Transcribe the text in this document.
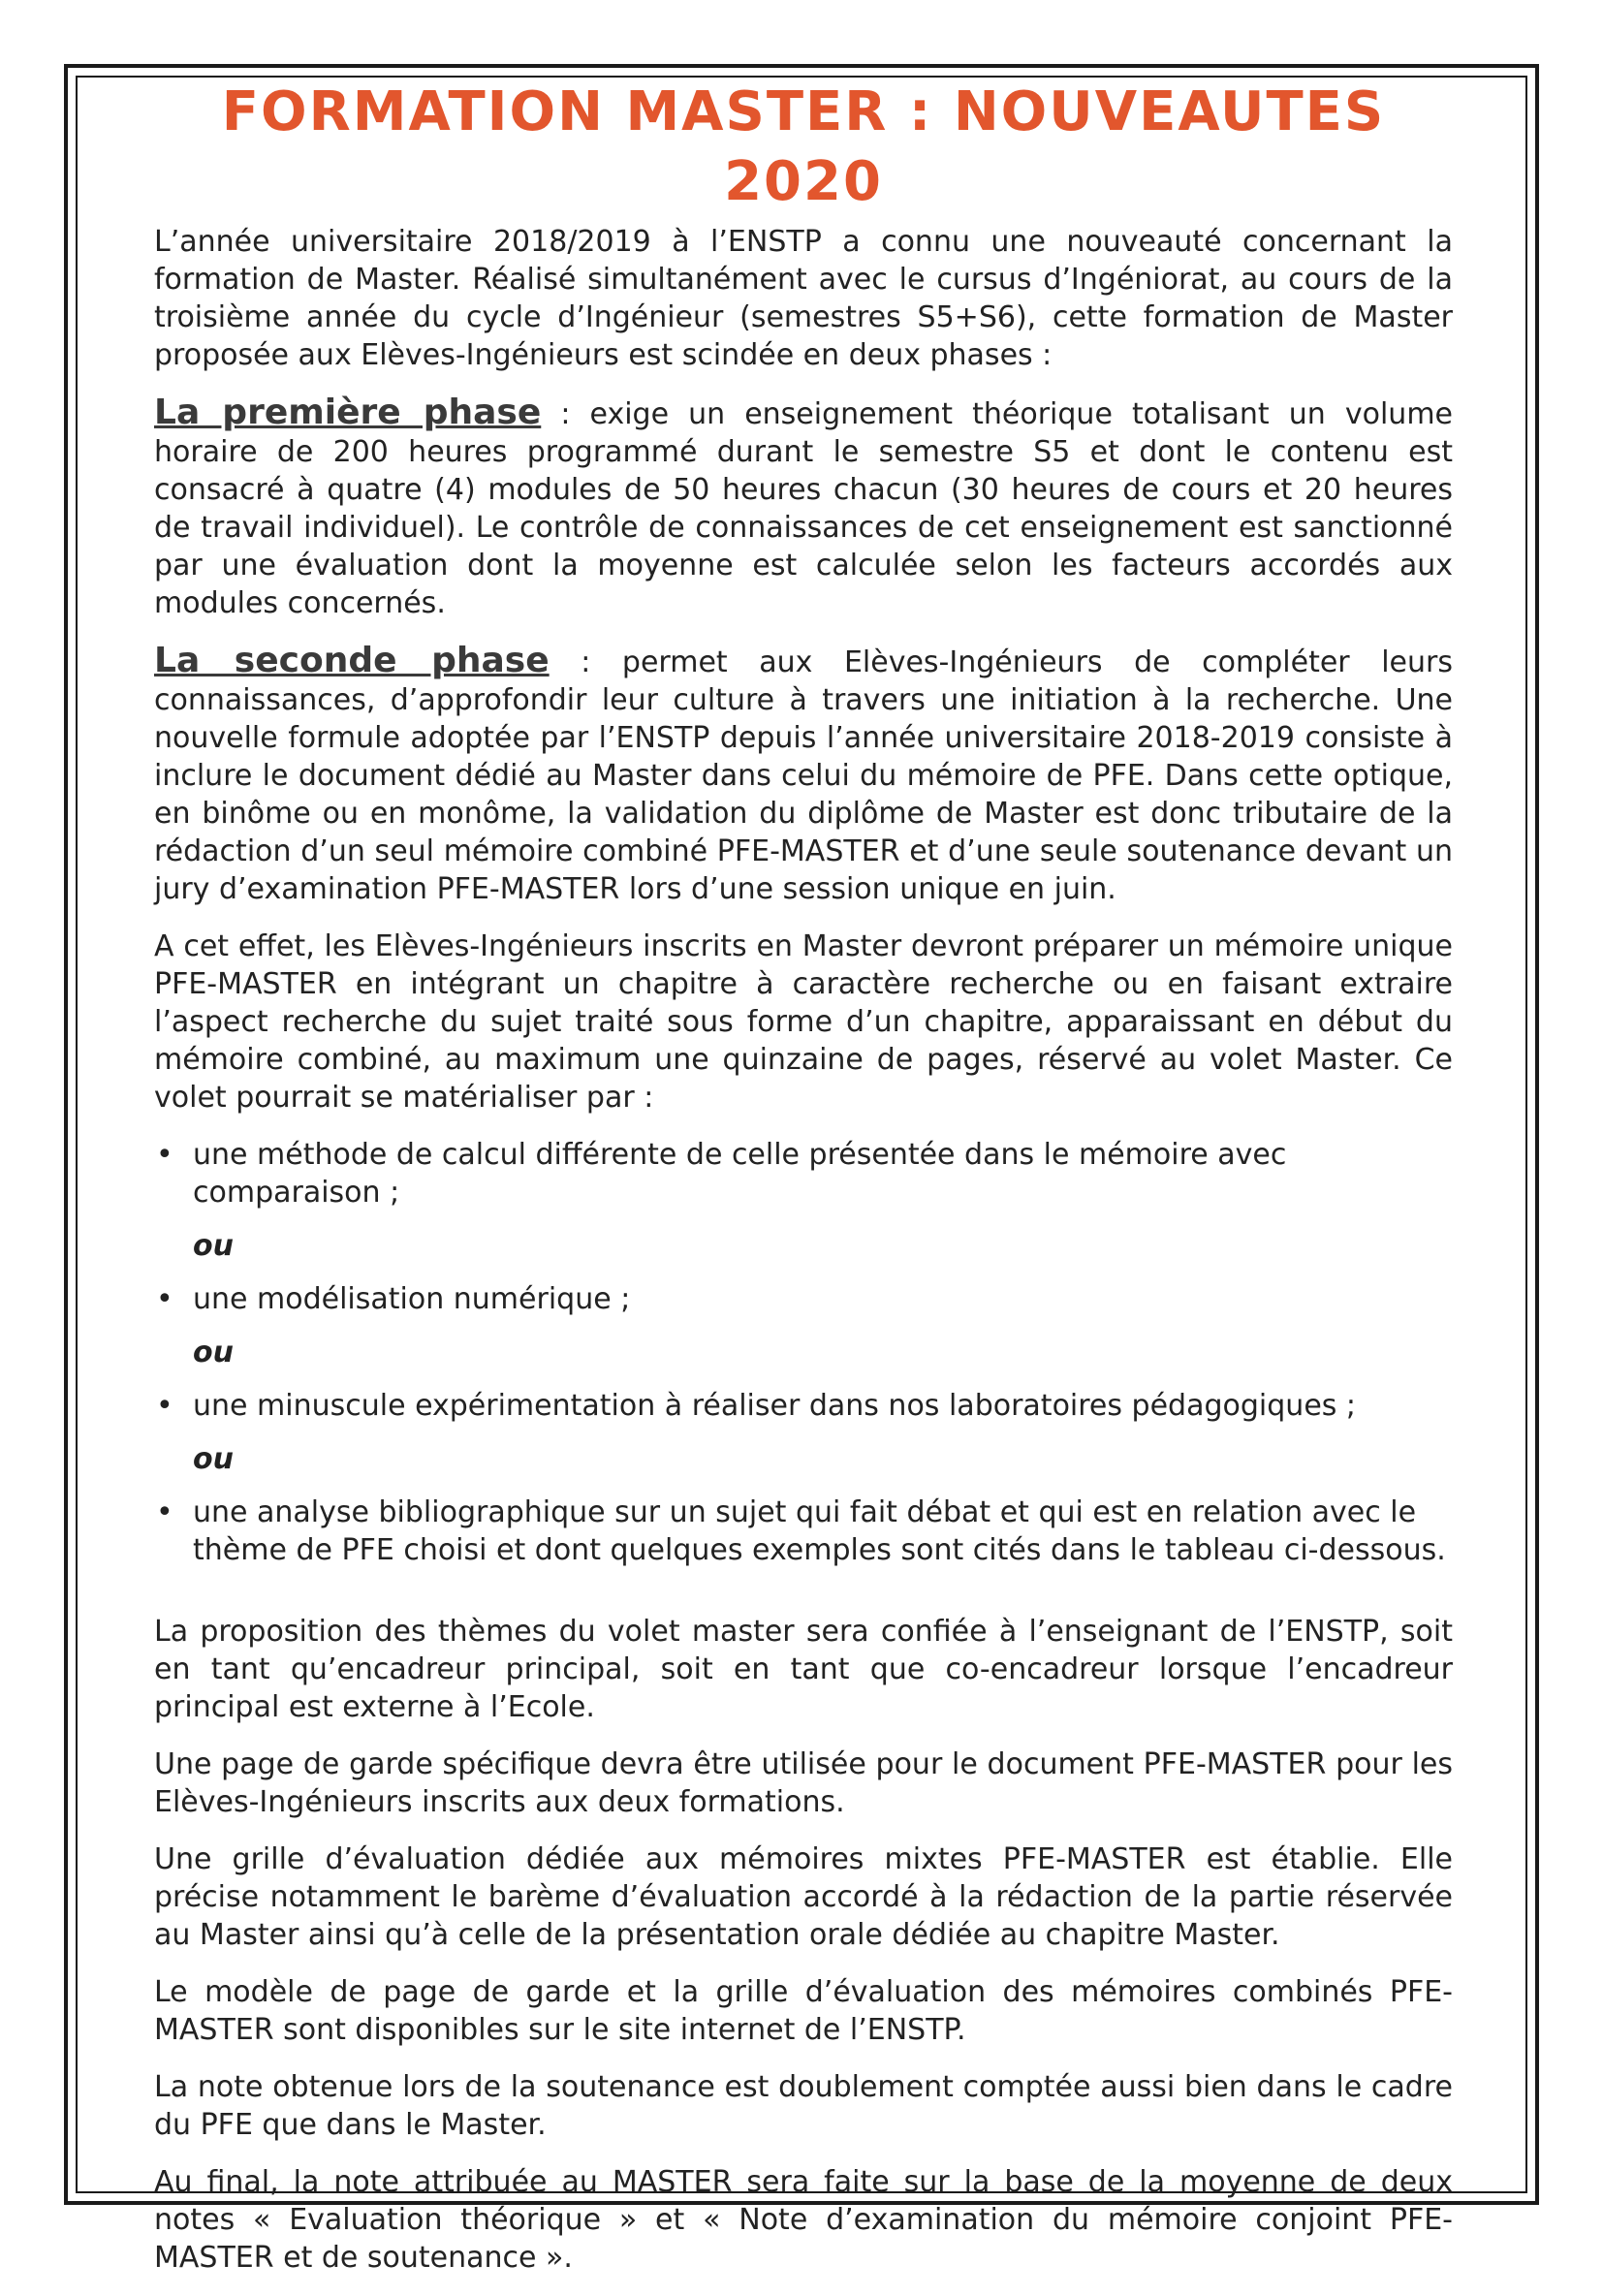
FORMATION MASTER : NOUVEAUTES 2020

L’année universitaire 2018/2019 à l’ENSTP a connu une nouveauté concernant la formation de Master. Réalisé simultanément avec le cursus d’Ingéniorat, au cours de la troisième année du cycle d’Ingénieur (semestres S5+S6), cette formation de Master proposée aux Elèves-Ingénieurs est scindée en deux phases :

La première phase : exige un enseignement théorique totalisant un volume horaire de 200 heures programmé durant le semestre S5 et dont le contenu est consacré à quatre (4) modules de 50 heures chacun (30 heures de cours et 20 heures de travail individuel). Le contrôle de connaissances de cet enseignement est sanctionné par une évaluation dont la moyenne est calculée selon les facteurs accordés aux modules concernés.

La seconde phase : permet aux Elèves-Ingénieurs de compléter leurs connaissances, d’approfondir leur culture à travers une initiation à la recherche. Une nouvelle formule adoptée par l’ENSTP depuis l’année universitaire 2018-2019 consiste à inclure le document dédié au Master dans celui du mémoire de PFE. Dans cette optique, en binôme ou en monôme, la validation du diplôme de Master est donc tributaire de la rédaction d’un seul mémoire combiné PFE-MASTER et d’une seule soutenance devant un jury d’examination PFE-MASTER lors d’une session unique en juin.

A cet effet, les Elèves-Ingénieurs inscrits en Master devront préparer un mémoire unique PFE-MASTER en intégrant un chapitre à caractère recherche ou en faisant extraire l’aspect recherche du sujet traité sous forme d’un chapitre, apparaissant en début du mémoire combiné, au maximum une quinzaine de pages, réservé au volet Master. Ce volet pourrait se matérialiser par :

• une méthode de calcul différente de celle présentée dans le mémoire avec comparaison ;
ou
• une modélisation numérique ;
ou
• une minuscule expérimentation à réaliser dans nos laboratoires pédagogiques ;
ou
• une analyse bibliographique sur un sujet qui fait débat et qui est en relation avec le thème de PFE choisi et dont quelques exemples sont cités dans le tableau ci-dessous.

La proposition des thèmes du volet master sera confiée à l’enseignant de l’ENSTP, soit en tant qu’encadreur principal, soit en tant que co-encadreur lorsque l’encadreur principal est externe à l’Ecole.

Une page de garde spécifique devra être utilisée pour le document PFE-MASTER pour les Elèves-Ingénieurs inscrits aux deux formations.

Une grille d’évaluation dédiée aux mémoires mixtes PFE-MASTER est établie. Elle précise notamment le barème d’évaluation accordé à la rédaction de la partie réservée au Master ainsi qu’à celle de la présentation orale dédiée au chapitre Master.

Le modèle de page de garde et la grille d’évaluation des mémoires combinés PFE-MASTER sont disponibles sur le site internet de l’ENSTP.

La note obtenue lors de la soutenance est doublement comptée aussi bien dans le cadre du PFE que dans le Master.

Au final, la note attribuée au MASTER sera faite sur la base de la moyenne de deux notes « Evaluation théorique » et « Note d’examination du mémoire conjoint PFE-MASTER et de soutenance ».
